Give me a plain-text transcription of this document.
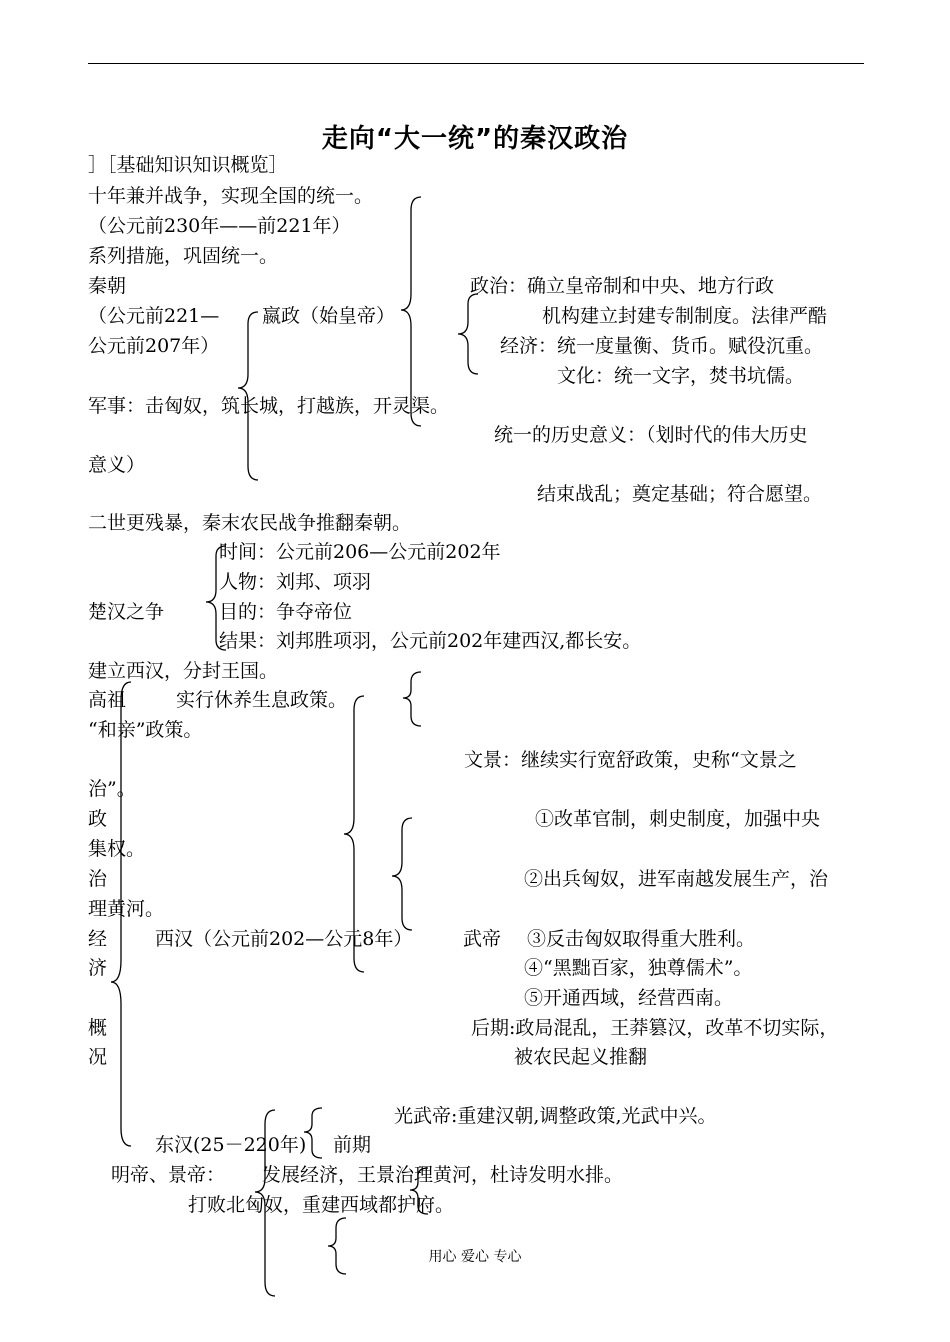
走向“大一统”的秦汉政治
］［基础知识知识概览］
十年兼并战争，实现全国的统一。
（公元前230年——前221年）
系列措施，巩固统一。
秦朝	政治：确立皇帝制和中央、地方行政
（公元前221— 嬴政（始皇帝）	机构建立封建专制制度。法律严酷
公元前207年）	经济：统一度量衡、货币。赋役沉重。
文化：统一文字，焚书坑儒。
军事：击匈奴，筑长城，打越族，开灵渠。
统一的历史意义：（划时代的伟大历史
意义）
结束战乱；奠定基础；符合愿望。
二世更残暴，秦末农民战争推翻秦朝。
时间：公元前206—公元前202年
人物：刘邦、项羽
楚汉之争	目的：争夺帝位
结果：刘邦胜项羽，公元前202年建西汉,都长安。
建立西汉，分封王国。
高祖	实行休养生息政策。
“和亲”政策。
文景：继续实行宽舒政策，史称“文景之
治”。
政	①改革官制，刺史制度，加强中央
集权。
治	②出兵匈奴，进军南越发展生产，治
理黄河。
经	西汉（公元前202—公元8年）	武帝 ③反击匈奴取得重大胜利。
济	④“黑黜百家，独尊儒术”。
⑤开通西域，经营西南。
概	后期:政局混乱，王莽篡汉，改革不切实际，
况	被农民起义推翻
光武帝:重建汉朝,调整政策,光武中兴。
东汉(25－220年) 前期
明帝、景帝： 发展经济，王景治理黄河，杜诗发明水排。
打败北匈奴，重建西域都护府。
用心 爱心 专心
